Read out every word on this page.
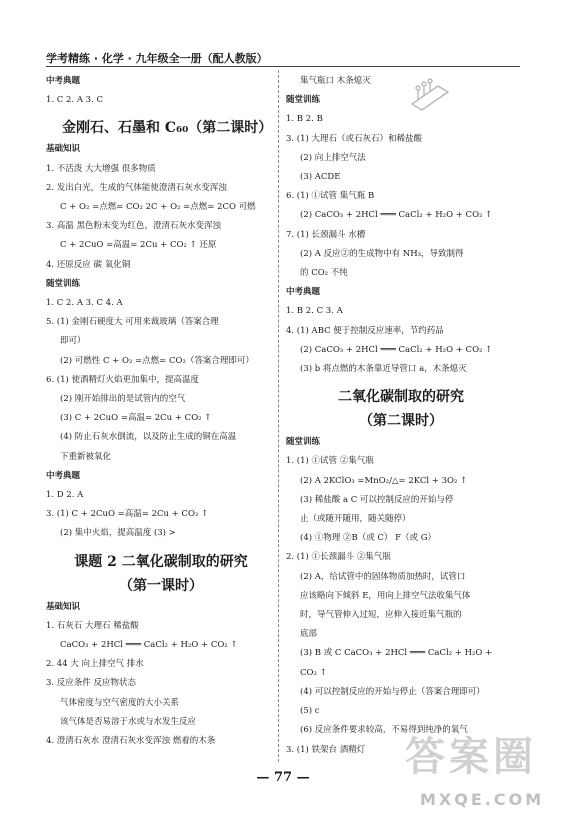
学考精练 · 化学 · 九年级全一册（配人教版）
中考典题
1. C 2. A 3. C
金刚石、石墨和 C₆₀（第二课时）
基础知识
1. 不活泼 大大增强 很多物质
2. 发出白光，生成的气体能使澄清石灰水变浑浊
C + O₂ =点燃= CO₂ 2C + O₂ =点燃= 2CO 可燃
3. 高温 黑色粉末变为红色，澄清石灰水变浑浊
C + 2CuO =高温= 2Cu + CO₂ ↑ 还原
4. 还原反应 碳 氧化铜
随堂训练
1. C 2. A 3. C 4. A
5. (1) 金刚石硬度大 可用来裁玻璃（答案合理
即可）
(2) 可燃性 C + O₂ =点燃= CO₂（答案合理即可）
6. (1) 使酒精灯火焰更加集中，提高温度
(2) 刚开始排出的是试管内的空气
(3) C + 2CuO =高温= 2Cu + CO₂ ↑
(4) 防止石灰水倒流，以及防止生成的铜在高温
下重新被氧化
中考典题
1. D 2. A
3. (1) C + 2CuO =高温= 2Cu + CO₂ ↑
(2) 集中火焰，提高温度 (3) >
课题 2 二氧化碳制取的研究
（第一课时）
基础知识
1. 石灰石 大理石 稀盐酸
CaCO₃ + 2HCl ═══ CaCl₂ + H₂O + CO₂ ↑
2. 44 大 向上排空气 排水
3. 反应条件 反应物状态
气体密度与空气密度的大小关系
该气体是否易溶于水或与水发生反应
4. 澄清石灰水 澄清石灰水变浑浊 燃着的木条
集气瓶口 木条熄灭
随堂训练
1. B 2. B
3. (1) 大理石（或石灰石）和稀盐酸
(2) 向上排空气法
(3) ACDE
6. (1) ①试管 集气瓶 B
(2) CaCO₃ + 2HCl ═══ CaCl₂ + H₂O + CO₂ ↑
7. (1) 长颈漏斗 水槽
(2) A 反应②的生成物中有 NH₃，导致制得
的 CO₂ 不纯
中考典题
1. B 2. C 3. A
4. (1) ABC 便于控制反应速率，节约药品
(2) CaCO₃ + 2HCl ═══ CaCl₂ + H₂O + CO₂ ↑
(3) b 将点燃的木条靠近导管口 a，木条熄灭
二氧化碳制取的研究
（第二课时）
随堂训练
1. (1) ①试管 ②集气瓶
(2) A 2KClO₃ =MnO₂/△= 2KCl + 3O₂ ↑
(3) 稀盐酸 a C 可以控制反应的开始与停
止（或随开随用，随关随停）
(4) ①物理 ②B（或 C） F（或 G）
2. (1) ①长颈漏斗 ②集气瓶
(2) A，给试管中的固体物质加热时，试管口
应该略向下倾斜 E，用向上排空气法收集气体
时，导气管伸入过短，应伸入接近集气瓶的
底部
(3) B 或 C CaCO₃ + 2HCl ═══ CaCl₂ + H₂O +
CO₂ ↑
(4) 可以控制反应的开始与停止（答案合理即可）
(5) c
(6) 反应条件要求较高，不易得到纯净的氧气
3. (1) 铁架台 酒精灯
— 77 —	答案圈
MXQE.COM
